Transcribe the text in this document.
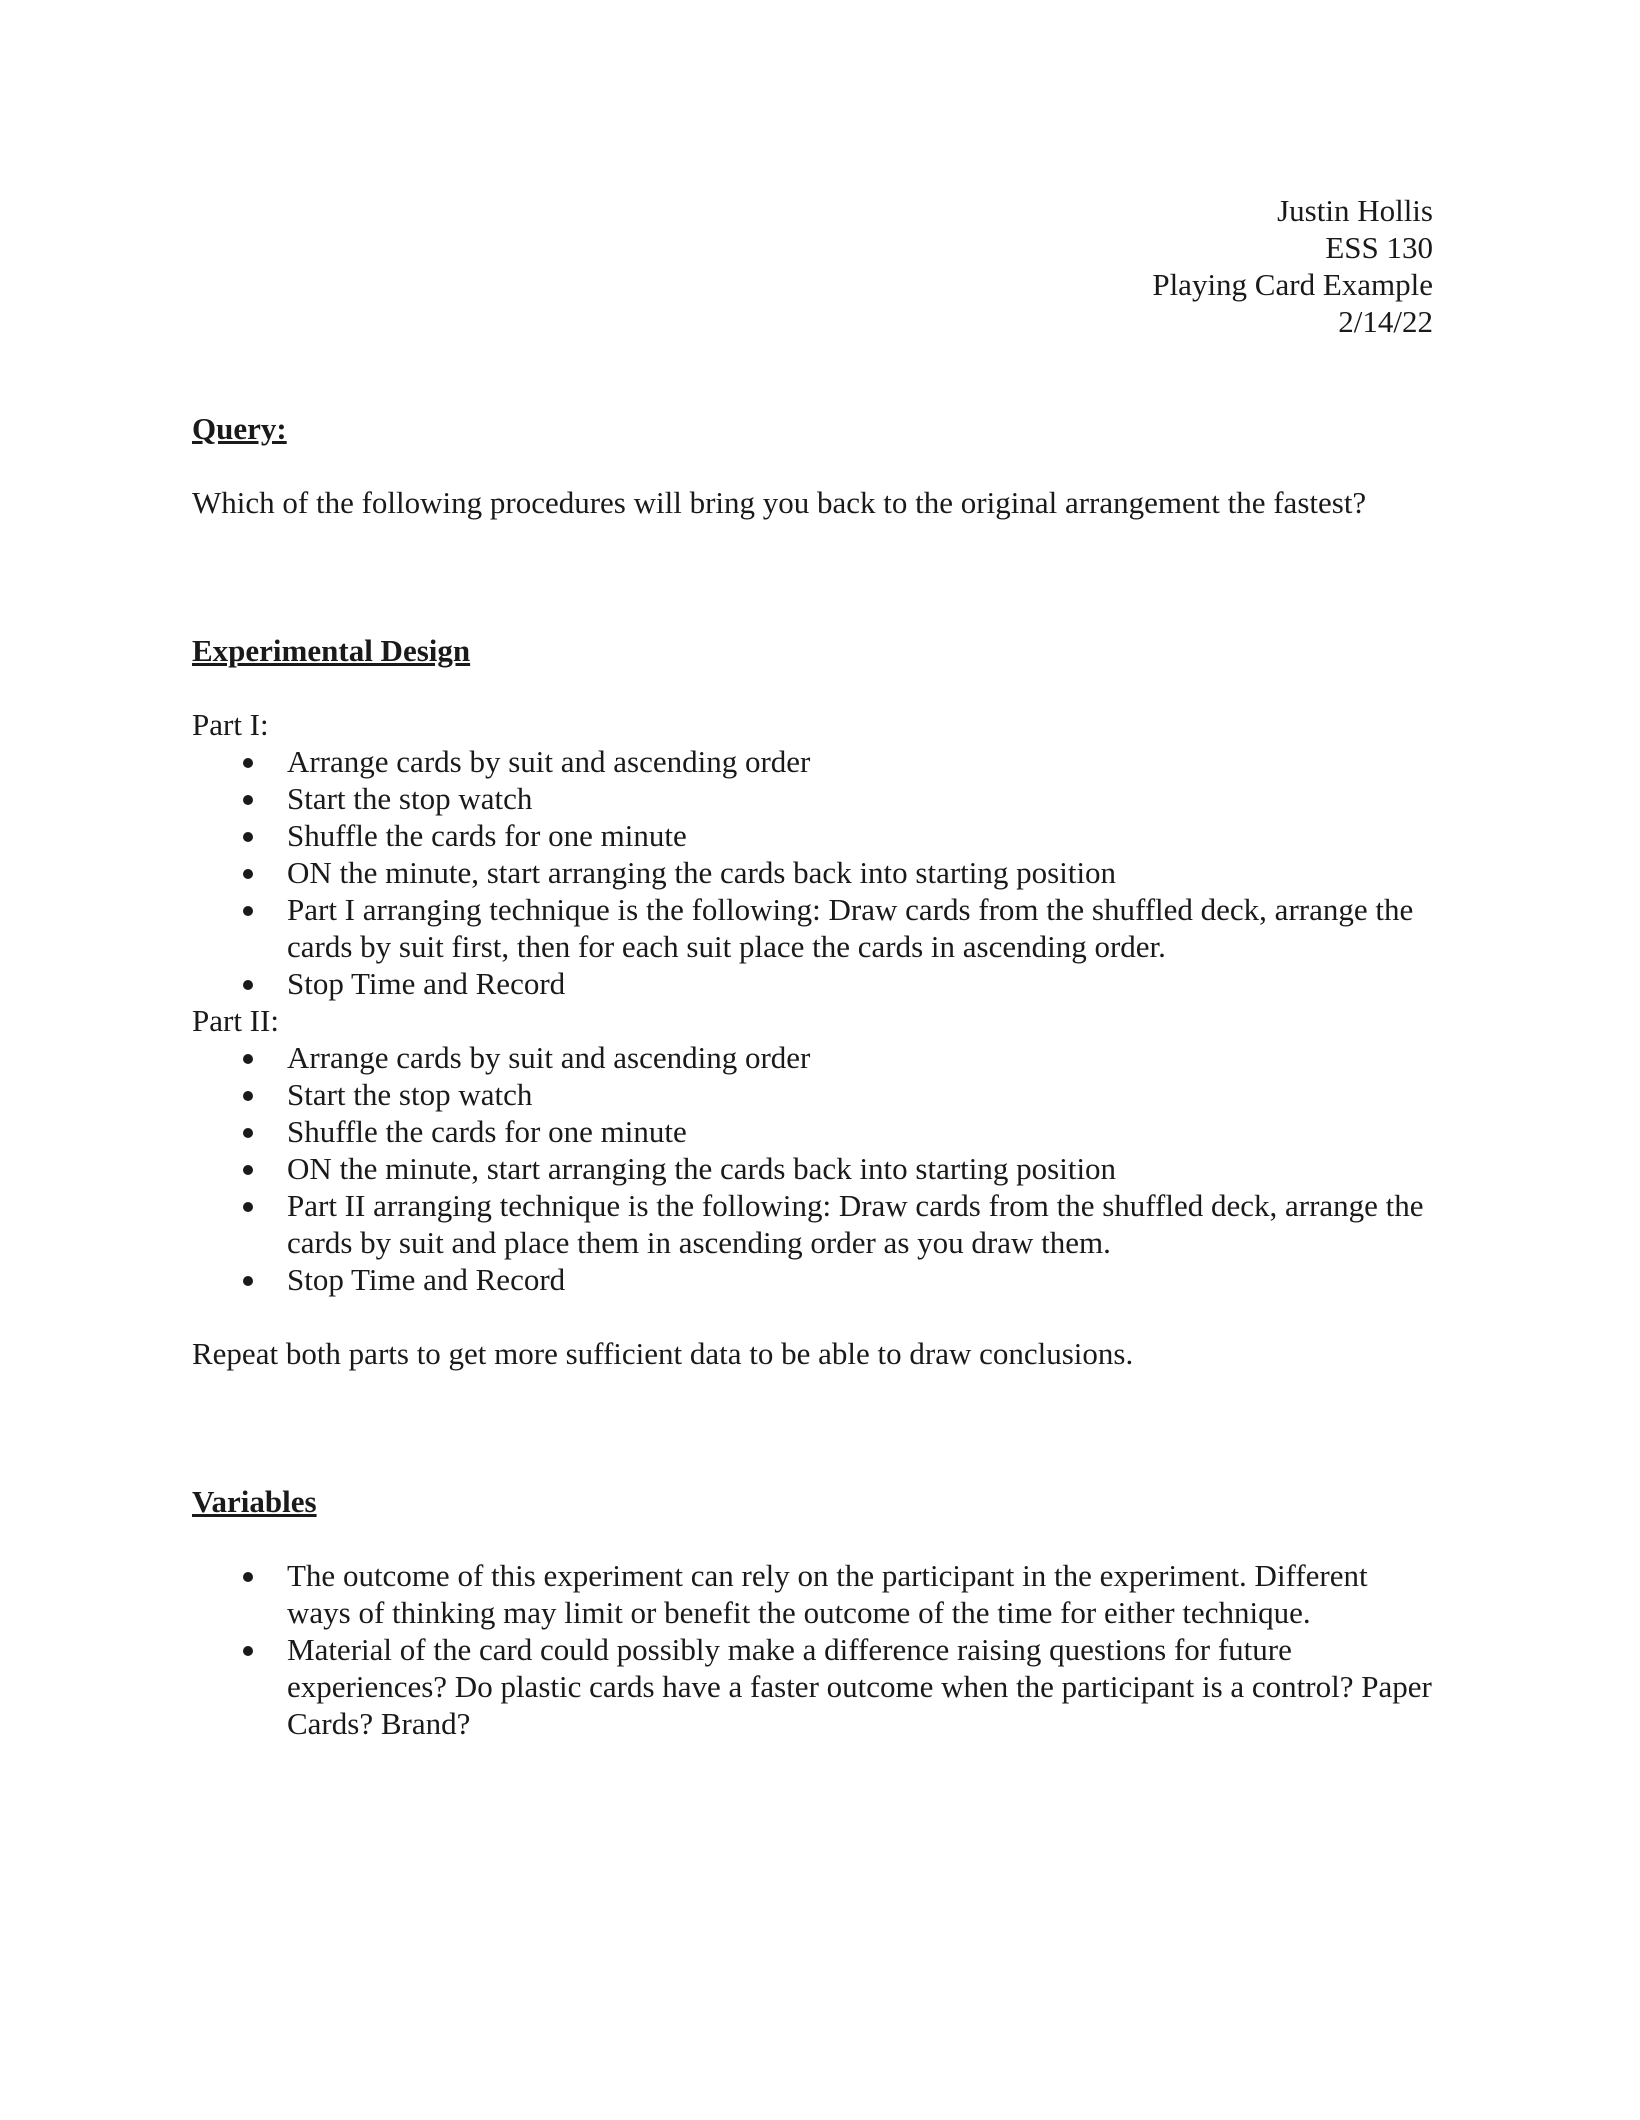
Justin Hollis
ESS 130
Playing Card Example
2/14/22
Query:

Which of the following procedures will bring you back to the original arrangement the fastest?

Experimental Design
Part I:
Arrange cards by suit and ascending order
Start the stop watch
Shuffle the cards for one minute
ON the minute, start arranging the cards back into starting position
Part I arranging technique is the following: Draw cards from the shuffled deck, arrange the cards by suit first, then for each suit place the cards in ascending order.
Stop Time and Record
Part II:
Arrange cards by suit and ascending order
Start the stop watch
Shuffle the cards for one minute
ON the minute, start arranging the cards back into starting position
Part II arranging technique is the following: Draw cards from the shuffled deck, arrange the cards by suit and place them in ascending order as you draw them.
Stop Time and Record

Repeat both parts to get more sufficient data to be able to draw conclusions.

Variables
The outcome of this experiment can rely on the participant in the experiment. Different ways of thinking may limit or benefit the outcome of the time for either technique.
Material of the card could possibly make a difference raising questions for future experiences? Do plastic cards have a faster outcome when the participant is a control? Paper Cards? Brand?
